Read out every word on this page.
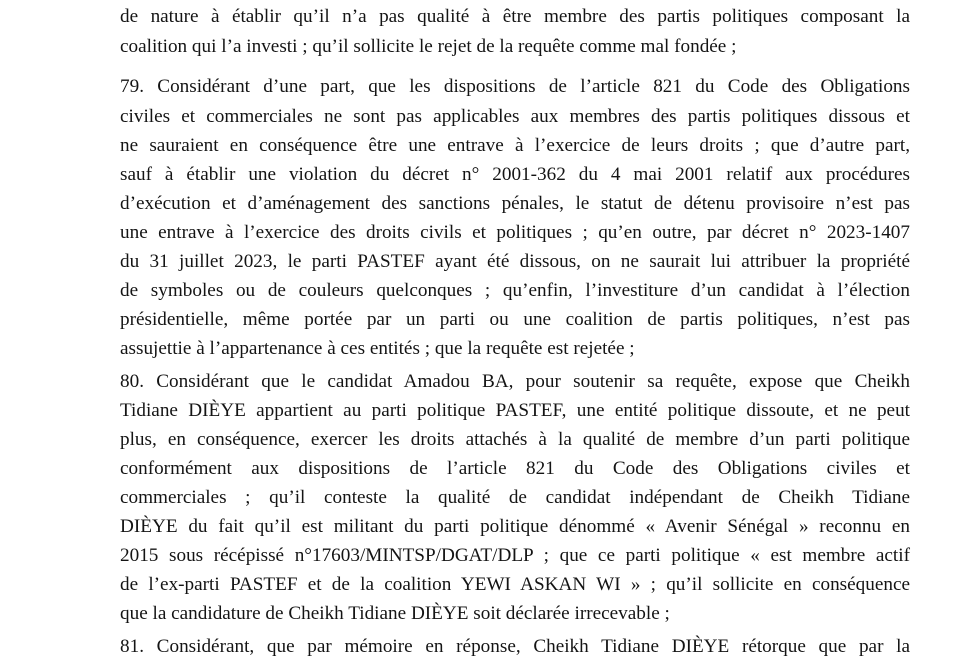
de nature à établir qu’il n’a pas qualité à être membre des partis politiques composant la
coalition qui l’a investi ; qu’il sollicite le rejet de la requête comme mal fondée ;
79. Considérant d’une part, que les dispositions de l’article 821 du Code des Obligations
civiles et commerciales ne sont pas applicables aux membres des partis politiques dissous et
ne sauraient en conséquence être une entrave à l’exercice de leurs droits ; que d’autre part,
sauf à établir une violation du décret n° 2001-362 du 4 mai 2001 relatif aux procédures
d’exécution et d’aménagement des sanctions pénales, le statut de détenu provisoire n’est pas
une entrave à l’exercice des droits civils et politiques ; qu’en outre, par décret n° 2023-1407
du 31 juillet 2023, le parti PASTEF ayant été dissous, on ne saurait lui attribuer la propriété
de symboles ou de couleurs quelconques ; qu’enfin, l’investiture d’un candidat à l’élection
présidentielle, même portée par un parti ou une coalition de partis politiques, n’est pas
assujettie à l’appartenance à ces entités ; que la requête est rejetée ;
80. Considérant que le candidat Amadou BA, pour soutenir sa requête, expose que Cheikh
Tidiane DIÈYE appartient au parti politique PASTEF, une entité politique dissoute, et ne peut
plus, en conséquence, exercer les droits attachés à la qualité de membre d’un parti politique
conformément aux dispositions de l’article 821 du Code des Obligations civiles et
commerciales ; qu’il conteste la qualité de candidat indépendant de Cheikh Tidiane
DIÈYE du fait qu’il est militant du parti politique dénommé « Avenir Sénégal » reconnu en
2015 sous récépissé n°17603/MINTSP/DGAT/DLP ; que ce parti politique « est membre actif
de l’ex-parti PASTEF et de la coalition YEWI ASKAN WI » ; qu’il sollicite en conséquence
que la candidature de Cheikh Tidiane DIÈYE soit déclarée irrecevable ;
81. Considérant, que par mémoire en réponse, Cheikh Tidiane DIÈYE rétorque que par la
